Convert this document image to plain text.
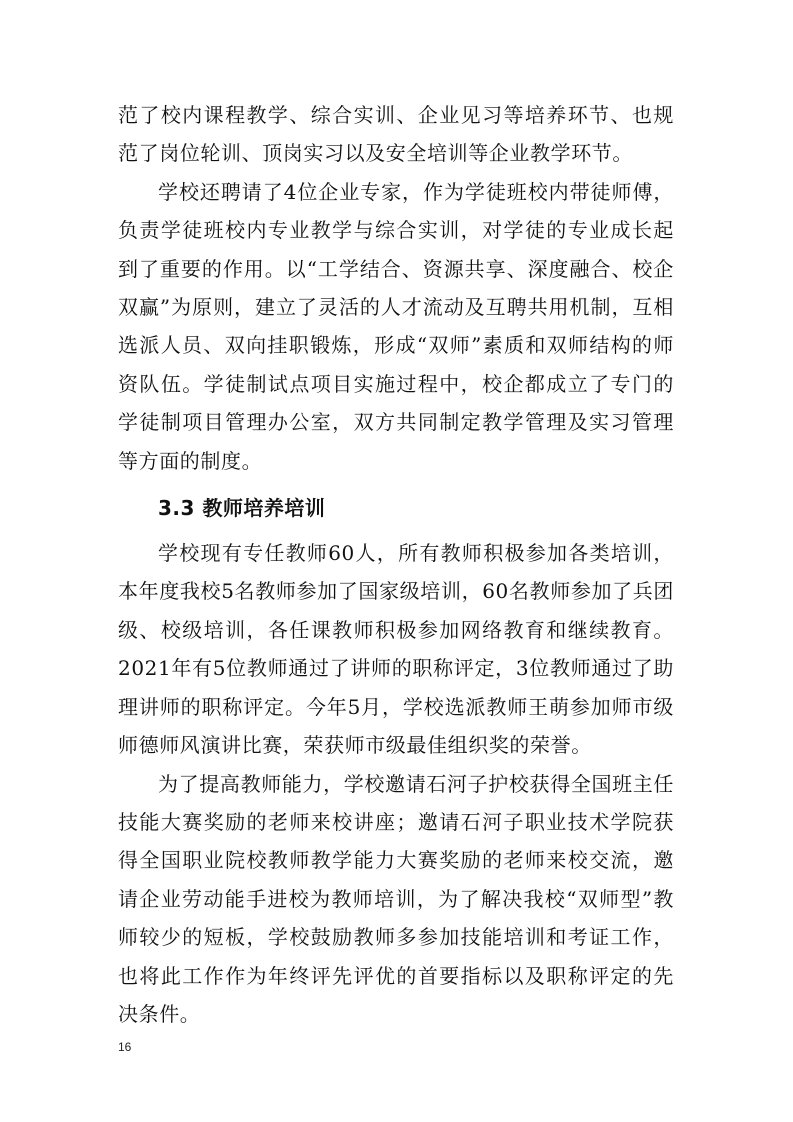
范了校内课程教学、综合实训、企业见习等培养环节、也规范了岗位轮训、顶岗实习以及安全培训等企业教学环节。

学校还聘请了4位企业专家，作为学徒班校内带徒师傅，负责学徒班校内专业教学与综合实训，对学徒的专业成长起到了重要的作用。以“工学结合、资源共享、深度融合、校企双赢”为原则，建立了灵活的人才流动及互聘共用机制，互相选派人员、双向挂职锻炼，形成“双师”素质和双师结构的师资队伍。学徒制试点项目实施过程中，校企都成立了专门的学徒制项目管理办公室，双方共同制定教学管理及实习管理等方面的制度。

3.3 教师培养培训

学校现有专任教师60人，所有教师积极参加各类培训，本年度我校5名教师参加了国家级培训，60名教师参加了兵团级、校级培训，各任课教师积极参加网络教育和继续教育。2021年有5位教师通过了讲师的职称评定，3位教师通过了助理讲师的职称评定。今年5月，学校选派教师王萌参加师市级师德师风演讲比赛，荣获师市级最佳组织奖的荣誉。

为了提高教师能力，学校邀请石河子护校获得全国班主任技能大赛奖励的老师来校讲座；邀请石河子职业技术学院获得全国职业院校教师教学能力大赛奖励的老师来校交流，邀请企业劳动能手进校为教师培训，为了解决我校“双师型”教师较少的短板，学校鼓励教师多参加技能培训和考证工作，也将此工作作为年终评先评优的首要指标以及职称评定的先决条件。

16
